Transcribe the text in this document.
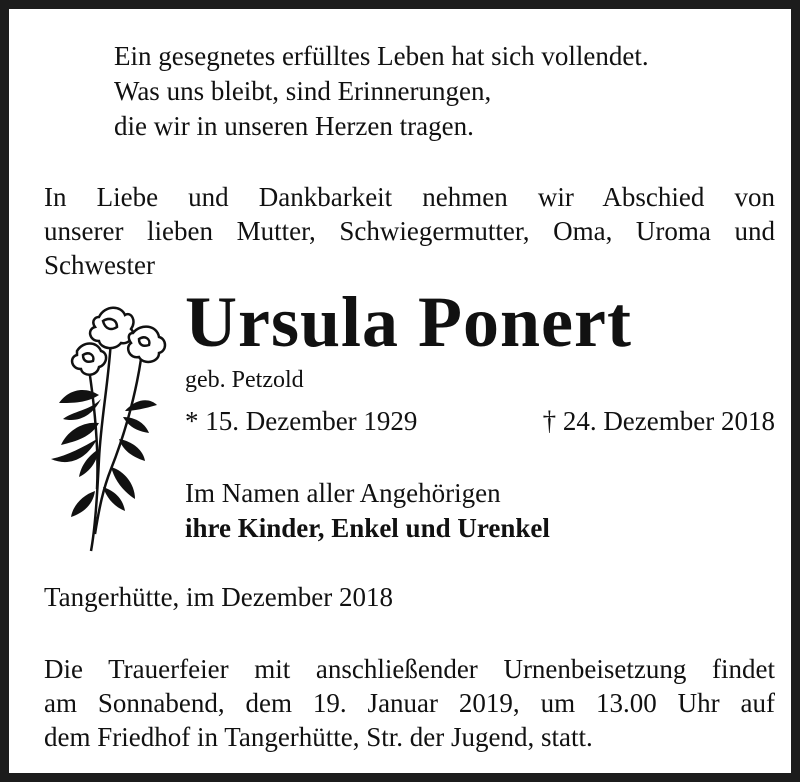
Ein gesegnetes erfülltes Leben hat sich vollendet.
Was uns bleibt, sind Erinnerungen,
die wir in unseren Herzen tragen.
In Liebe und Dankbarkeit nehmen wir Abschied von
unserer lieben Mutter, Schwiegermutter, Oma, Uroma und
Schwester
Ursula Ponert
geb. Petzold
* 15. Dezember 1929	† 24. Dezember 2018
Im Namen aller Angehörigen
ihre Kinder, Enkel und Urenkel
Tangerhütte, im Dezember 2018
Die Trauerfeier mit anschließender Urnenbeisetzung findet
am Sonnabend, dem 19. Januar 2019, um 13.00 Uhr auf
dem Friedhof in Tangerhütte, Str. der Jugend, statt.
